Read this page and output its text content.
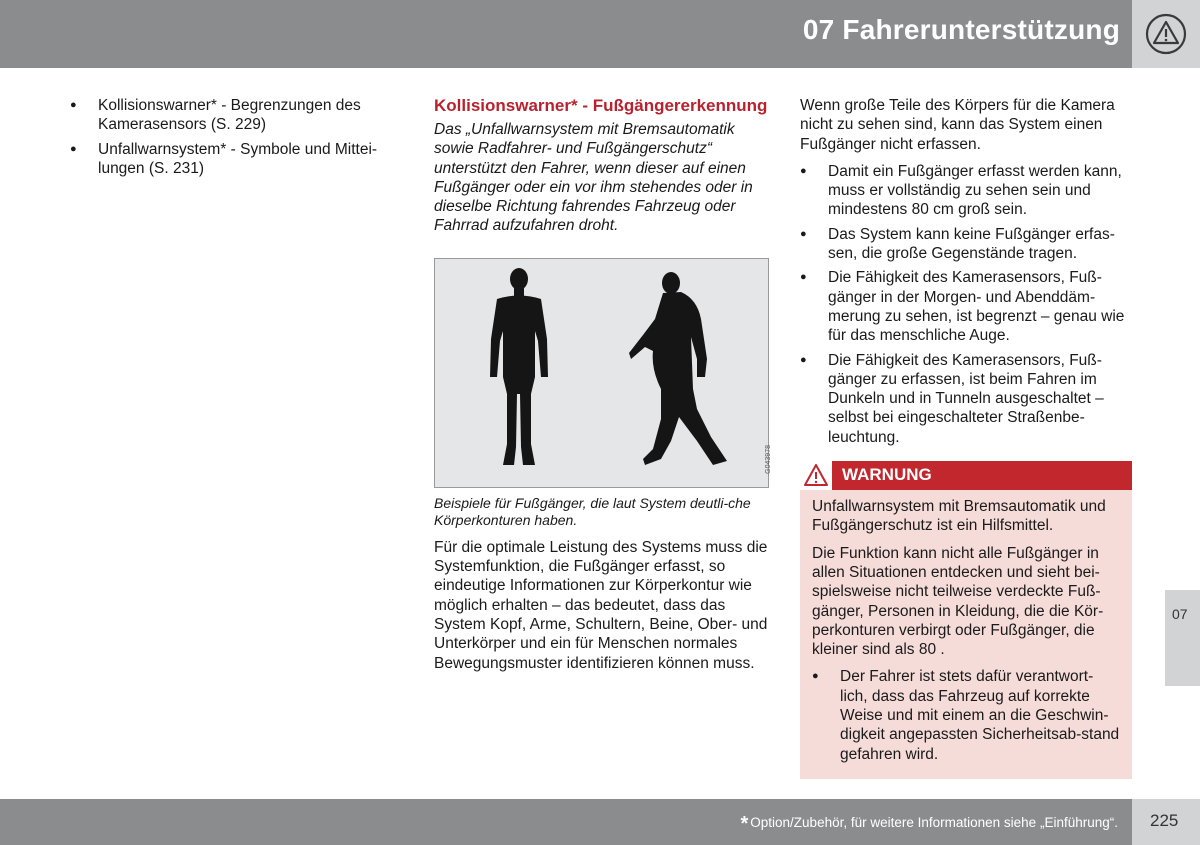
07 Fahrerunterstützung
● Kollisionswarner* - Begrenzungen des Kamerasensors (S. 229)
● Unfallwarnsystem* - Symbole und Mittei-lungen (S. 231)
Kollisionswarner* - Fußgängererkennung

Das „Unfallwarnsystem mit Bremsautomatik sowie Radfahrer- und Fußgängerschutz“ unterstützt den Fahrer, wenn dieser auf einen Fußgänger oder ein vor ihm stehendes oder in dieselbe Richtung fahrendes Fahrzeug oder Fahrrad aufzufahren droht.

G043978
Beispiele für Fußgänger, die laut System deutli-che Körperkonturen haben.

Für die optimale Leistung des Systems muss die Systemfunktion, die Fußgänger erfasst, so eindeutige Informationen zur Körperkontur wie möglich erhalten – das bedeutet, dass das System Kopf, Arme, Schultern, Beine, Ober- und Unterkörper und ein für Menschen normales Bewegungsmuster identifizieren können muss.

Wenn große Teile des Körpers für die Kamera nicht zu sehen sind, kann das System einen Fußgänger nicht erfassen.

● Damit ein Fußgänger erfasst werden kann, muss er vollständig zu sehen sein und mindestens 80 cm groß sein.
● Das System kann keine Fußgänger erfas-sen, die große Gegenstände tragen.
● Die Fähigkeit des Kamerasensors, Fuß-gänger in der Morgen- und Abenddäm-merung zu sehen, ist begrenzt – genau wie für das menschliche Auge.
● Die Fähigkeit des Kamerasensors, Fuß-gänger zu erfassen, ist beim Fahren im Dunkeln und in Tunneln ausgeschaltet – selbst bei eingeschalteter Straßenbe-leuchtung.
WARNUNG

Unfallwarnsystem mit Bremsautomatik und Fußgängerschutz ist ein Hilfsmittel.

Die Funktion kann nicht alle Fußgänger in allen Situationen entdecken und sieht bei-spielsweise nicht teilweise verdeckte Fuß-gänger, Personen in Kleidung, die die Kör-perkonturen verbirgt oder Fußgänger, die kleiner sind als 80 .

● Der Fahrer ist stets dafür verantwort-lich, dass das Fahrzeug auf korrekte Weise und mit einem an die Geschwin-digkeit angepassten Sicherheitsab-stand gefahren wird.
07
* Option/Zubehör, für weitere Informationen siehe „Einführung“. 225
